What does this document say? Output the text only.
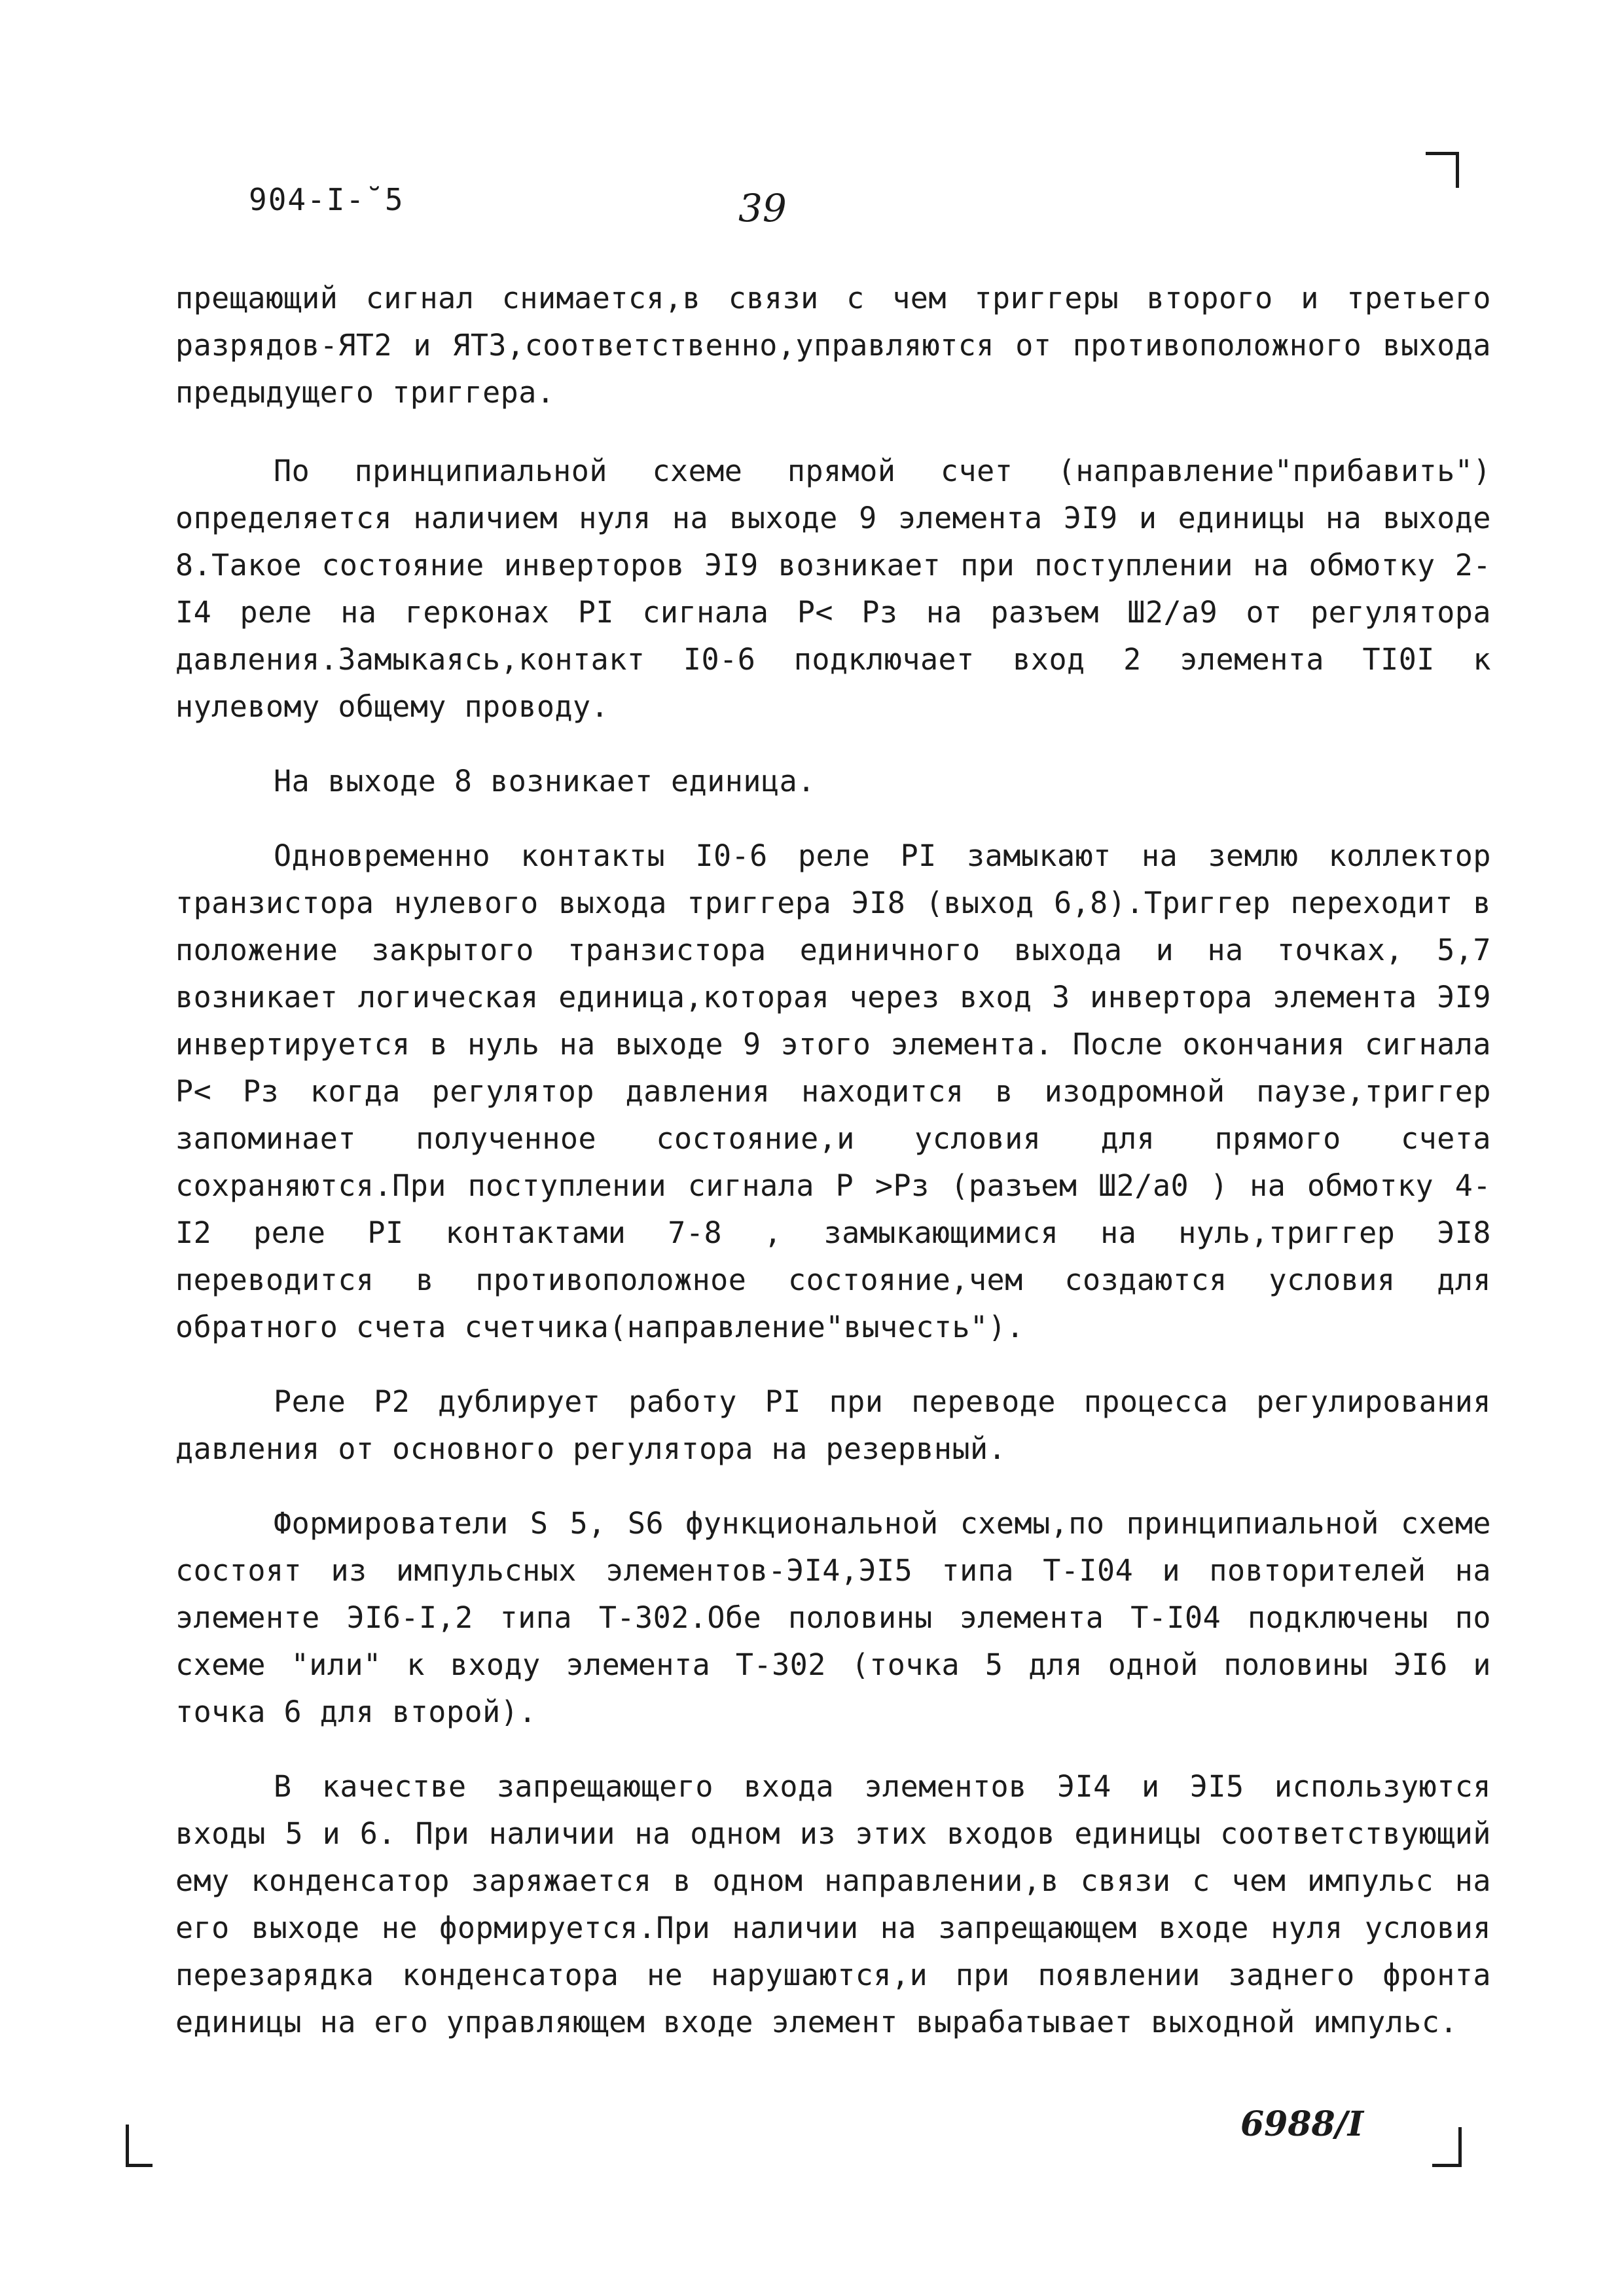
904-I-˘5	39

прещающий сигнал снимается,в связи с чем триггеры второго и третьего разрядов-ЯТ2 и ЯТ3,соответственно,управляются от противоположного выхода предыдущего триггера.

По принципиальной схеме прямой счет (направление"прибавить") определяется наличием нуля на выходе 9 элемента ЭI9 и единицы на выходе 8.Такое состояние инверторов ЭI9 возникает при поступлении на обмотку 2-I4 реле на герконах PI сигнала P< Pз на разъем Ш2/а9 от регулятора давления.Замыкаясь,контакт I0-6 подключает вход 2 элемента TI0I к нулевому общему проводу.

На выходе 8 возникает единица.

Одновременно контакты I0-6 реле PI замыкают на землю коллектор транзистора нулевого выхода триггера ЭI8 (выход 6,8).Триггер переходит в положение закрытого транзистора единичного выхода и на точках, 5,7 возникает логическая единица,которая через вход 3 инвертора элемента ЭI9 инвертируется в нуль на выходе 9 этого элемента. После окончания сигнала P< Pз когда регулятор давления находится в изодромной паузе,триггер запоминает полученное состояние,и условия для прямого счета сохраняются.При поступлении сигнала P >Pз (разъем Ш2/а0 ) на обмотку 4-I2 реле PI контактами 7-8 , замыкающимися на нуль,триггер ЭI8 переводится в противоположное состояние,чем создаются условия для обратного счета счетчика(направление"вычесть").

Реле P2 дублирует работу PI при переводе процесса регулирования давления от основного регулятора на резервный.

Формирователи S 5, S6 функциональной схемы,по принципиальной схеме состоят из импульсных элементов-ЭI4,ЭI5 типа T-I04 и повторителей на элементе ЭI6-I,2 типа T-302.Обе половины элемента T-I04 подключены по схеме "или" к входу элемента T-302 (точка 5 для одной половины ЭI6 и точка 6 для второй).

В качестве запрещающего входа элементов ЭI4 и ЭI5 используются входы 5 и 6. При наличии на одном из этих входов единицы соответствующий ему конденсатор заряжается в одном направлении,в связи с чем импульс на его выходе не формируется.При наличии на запрещающем входе нуля условия перезарядка конденсатора не нарушаются,и при появлении заднего фронта единицы на его управляющем входе элемент вырабатывает выходной импульс.

6988/I
